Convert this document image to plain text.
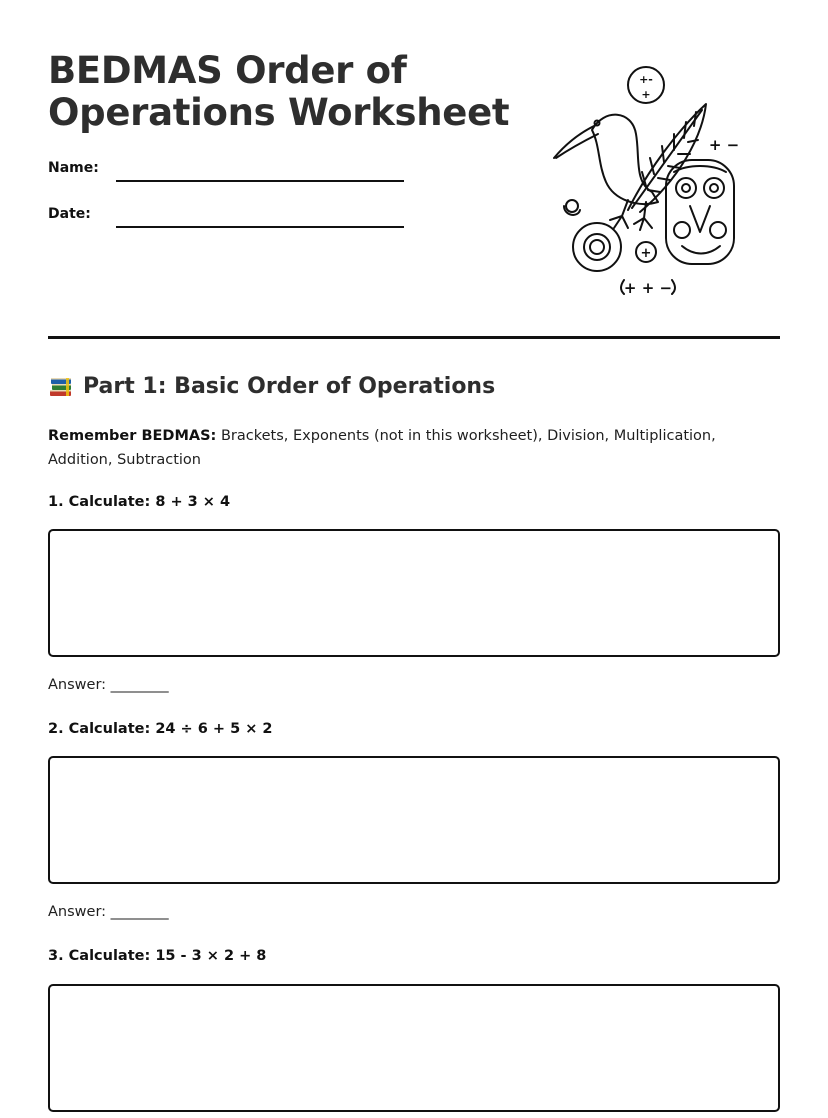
BEDMAS Order of
Operations Worksheet
Name:
Date:
+-
+
+ −
+
+ + −
Part 1: Basic Order of Operations
Remember BEDMAS: Brackets, Exponents (not in this worksheet), Division, Multiplication, Addition, Subtraction
1. Calculate: 8 + 3 × 4
Answer: ________
2. Calculate: 24 ÷ 6 + 5 × 2
Answer: ________
3. Calculate: 15 - 3 × 2 + 8
